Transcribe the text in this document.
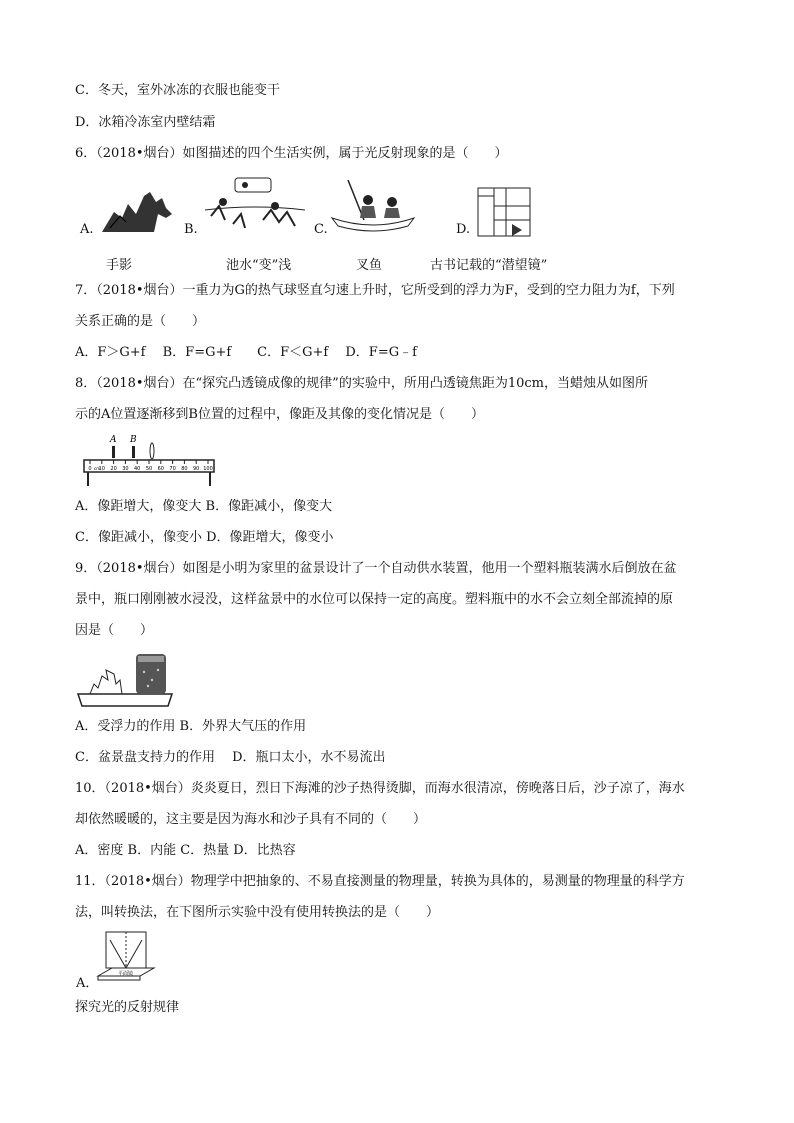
C．冬天，室外冰冻的衣服也能变干
D．冰箱冷冻室内壁结霜
6．（2018•烟台）如图描述的四个生活实例，属于光反射现象的是（　　）
A.	B.	C.	D.
手影	池水“变”浅	叉鱼	古书记载的“潜望镜”
7．（2018•烟台）一重力为G的热气球竖直匀速上升时，它所受到的浮力为F，受到的空力阻力为f，下列
关系正确的是（　　）
A．F＞G+f　 B．F=G+f　　C．F＜G+f　 D．F=G﹣f
8．（2018•烟台）在“探究凸透镜成像的规律”的实验中，所用凸透镜焦距为10cm，当蜡烛从如图所
示的A位置逐渐移到B位置的过程中，像距及其像的变化情况是（　　）
A B
0 10 20 30 40 50 60 70 80 90 100
cm
A．像距增大，像变大 B．像距减小，像变大
C．像距减小，像变小 D．像距增大，像变小
9．（2018•烟台）如图是小明为家里的盆景设计了一个自动供水装置，他用一个塑料瓶装满水后倒放在盆
景中，瓶口刚刚被水浸没，这样盆景中的水位可以保持一定的高度。塑料瓶中的水不会立刻全部流掉的原
因是（　　）
A．受浮力的作用 B．外界大气压的作用
C．盆景盘支持力的作用　 D．瓶口太小，水不易流出
10．（2018•烟台）炎炎夏日，烈日下海滩的沙子热得烫脚，而海水很清凉，傍晚落日后，沙子凉了，海水
却依然暖暖的，这主要是因为海水和沙子具有不同的（　　）
A．密度 B．内能 C．热量 D．比热容
11．（2018•烟台）物理学中把抽象的、不易直接测量的物理量，转换为具体的，易测量的物理量的科学方
法，叫转换法，在下图所示实验中没有使用转换法的是（　　）
A．
平面镜
探究光的反射规律
